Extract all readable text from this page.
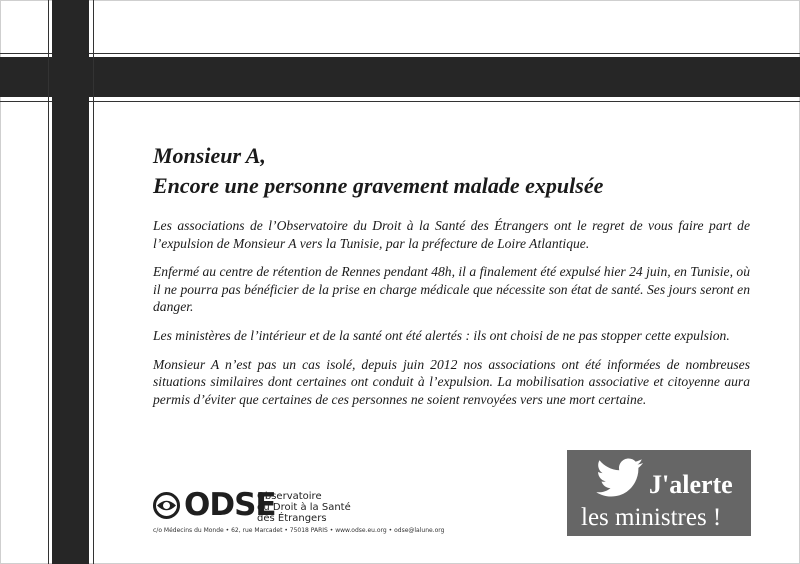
Monsieur A,
Encore une personne gravement malade expulsée

Les associations de l’Observatoire du Droit à la Santé des Étrangers ont le regret de vous faire part de l’expulsion de Monsieur A vers la Tunisie, par la préfecture de Loire Atlantique.

Enfermé au centre de rétention de Rennes pendant 48h, il a finalement été expulsé hier 24 juin, en Tunisie, où il ne pourra pas bénéficier de la prise en charge médicale que nécessite son état de santé. Ses jours seront en danger.

Les ministères de l’intérieur et de la santé ont été alertés : ils ont choisi de ne pas stopper cette expulsion.

Monsieur A n’est pas un cas isolé, depuis juin 2012 nos associations ont été informées de nombreuses situations similaires dont certaines ont conduit à l’expulsion. La mobilisation associative et citoyenne aura permis d’éviter que certaines de ces personnes ne soient renvoyées vers une mort certaine.

ODSE
Observatoire
du Droit à la Santé
des Étrangers
c/o Médecins du Monde • 62, rue Marcadet • 75018 PARIS • www.odse.eu.org • odse@lalune.org
J'alerte
les ministres !
